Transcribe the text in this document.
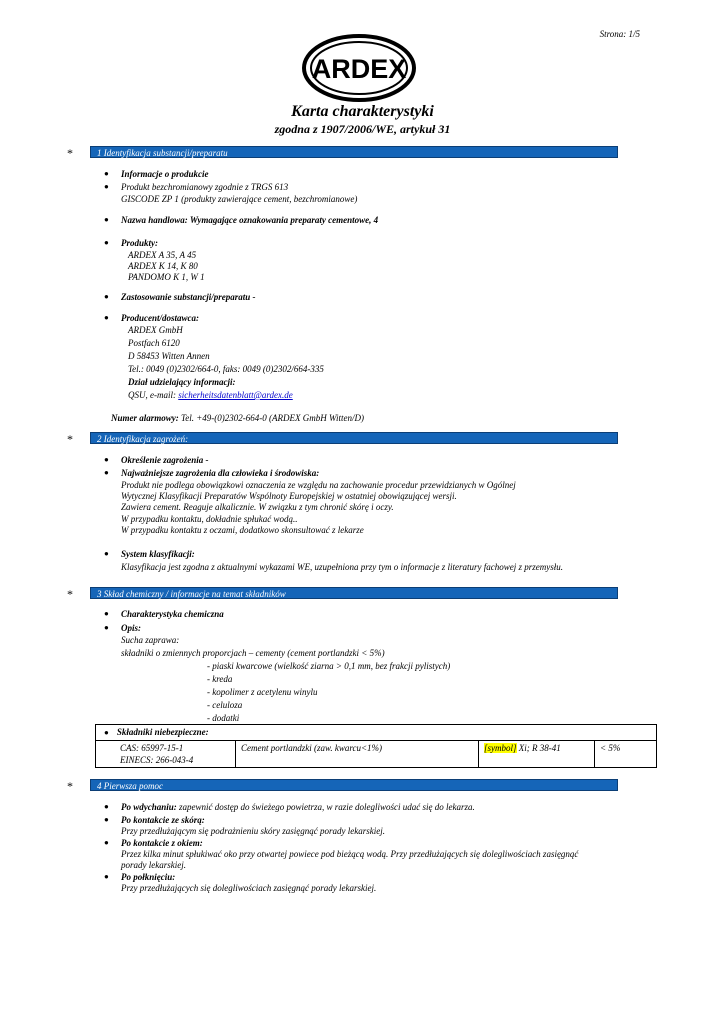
Strona: 1/5
ARDEX
Karta charakterystyki
zgodna z 1907/2006/WE, artykuł 31
*	1 Identyfikacja substancji/preparatu
● Informacje o produkcie
● Produkt bezchromianowy zgodnie z TRGS 613
GISCODE ZP 1 (produkty zawierające cement, bezchromianowe)
● Nazwa handlowa: Wymagające oznakowania preparaty cementowe, 4
● Produkty:
ARDEX A 35, A 45
ARDEX K 14, K 80
PANDOMO K 1, W 1
● Zastosowanie substancji/preparatu -
● Producent/dostawca:
ARDEX GmbH
Postfach 6120
D 58453 Witten Annen
Tel.: 0049 (0)2302/664-0, faks: 0049 (0)2302/664-335
Dział udzielający informacji:
QSU, e-mail: sicherheitsdatenblatt@ardex.de
Numer alarmowy: Tel. +49-(0)2302-664-0 (ARDEX GmbH Witten/D)
*	2 Identyfikacja zagrożeń:
● Określenie zagrożenia -
● Najważniejsze zagrożenia dla człowieka i środowiska:
Produkt nie podlega obowiązkowi oznaczenia ze względu na zachowanie procedur przewidzianych w Ogólnej
Wytycznej Klasyfikacji Preparatów Wspólnoty Europejskiej w ostatniej obowiązującej wersji.
Zawiera cement. Reaguje alkalicznie. W związku z tym chronić skórę i oczy.
W przypadku kontaktu, dokładnie spłukać wodą..
W przypadku kontaktu z oczami, dodatkowo skonsultować z lekarze
● System klasyfikacji:
Klasyfikacja jest zgodna z aktualnymi wykazami WE, uzupełniona przy tym o informacje z literatury fachowej z przemysłu.
*	3 Skład chemiczny / informacje na temat składników
● Charakterystyka chemiczna
● Opis:
Sucha zaprawa:
składniki o zmiennych proporcjach – cementy (cement portlandzki < 5%)
- piaski kwarcowe (wielkość ziarna > 0,1 mm, bez frakcji pylistych)
- kreda
- kopolimer z acetylenu winylu
- celuloza
- dodatki
● Składniki niebezpieczne:

CAS: 65997-15-1
EINECS: 266-043-4
	Cement portlandzki (zaw. kwarcu<1%)	[symbol] Xi; R 38-41	< 5%
*	4 Pierwsza pomoc
● Po wdychaniu: zapewnić dostęp do świeżego powietrza, w razie dolegliwości udać się do lekarza.
● Po kontakcie ze skórą:
Przy przedłużającym się podrażnieniu skóry zasięgnąć porady lekarskiej.
● Po kontakcie z okiem:
Przez kilka minut spłukiwać oko przy otwartej powiece pod bieżącą wodą. Przy przedłużających się dolegliwościach zasięgnąć
porady lekarskiej.
● Po połknięciu:
Przy przedłużających się dolegliwościach zasięgnąć porady lekarskiej.
